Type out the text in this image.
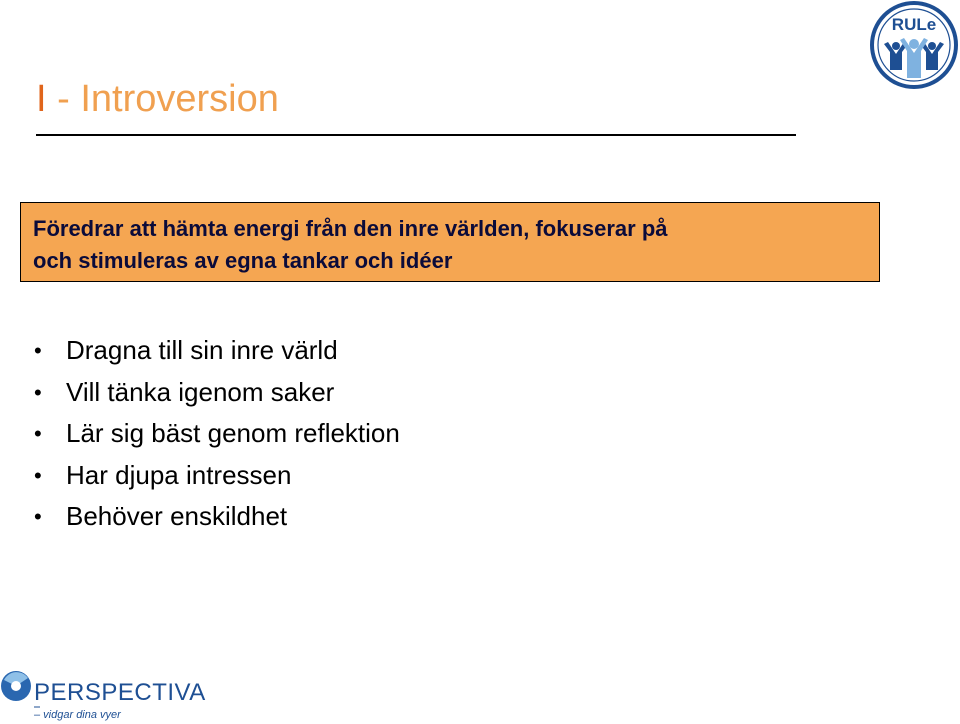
I - Introversion
Föredrar att hämta energi från den inre världen, fokuserar på
och stimuleras av egna tankar och idéer
• Dragna till sin inre värld
• Vill tänka igenom saker
• Lär sig bäst genom reflektion
• Har djupa intressen
• Behöver enskildhet
RULe
PERSPECTIVA
– vidgar dina vyer
